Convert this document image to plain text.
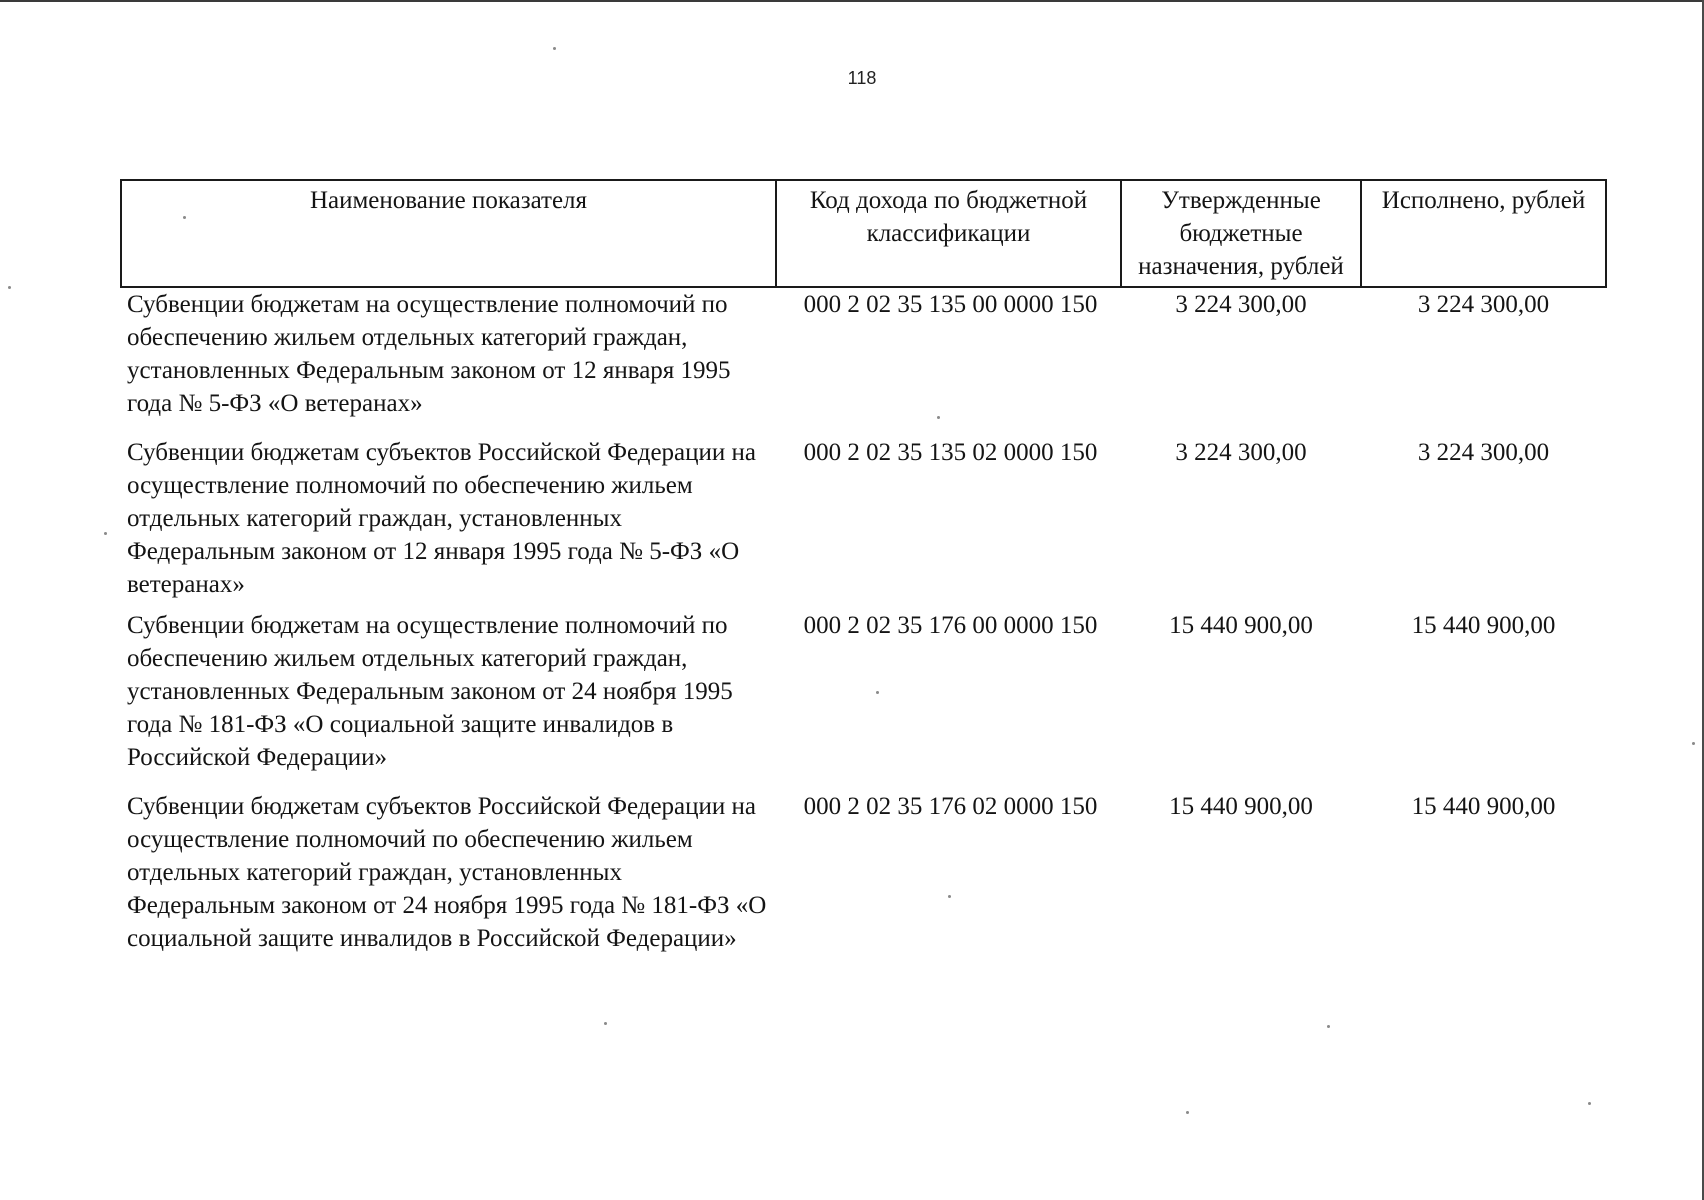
118
Наименование показателя	Код дохода по бюджетной классификации	Утвержденные бюджетные назначения, рублей	Исполнено, рублей
Субвенции бюджетам на осуществление полномочий по обеспечению жильем отдельных категорий граждан, установленных Федеральным законом от 12 января 1995 года № 5-ФЗ «О ветеранах»	000 2 02 35 135 00 0000 150	3 224 300,00	3 224 300,00
Субвенции бюджетам субъектов Российской Федерации на осуществление полномочий по обеспечению жильем отдельных категорий граждан, установленных Федеральным законом от 12 января 1995 года № 5-ФЗ «О ветеранах»	000 2 02 35 135 02 0000 150	3 224 300,00	3 224 300,00
Субвенции бюджетам на осуществление полномочий по обеспечению жильем отдельных категорий граждан, установленных Федеральным законом от 24 ноября 1995 года № 181-ФЗ «О социальной защите инвалидов в Российской Федерации»	000 2 02 35 176 00 0000 150	15 440 900,00	15 440 900,00
Субвенции бюджетам субъектов Российской Федерации на осуществление полномочий по обеспечению жильем отдельных категорий граждан, установленных Федеральным законом от 24 ноября 1995 года № 181-ФЗ «О социальной защите инвалидов в Российской Федерации»	000 2 02 35 176 02 0000 150	15 440 900,00	15 440 900,00
